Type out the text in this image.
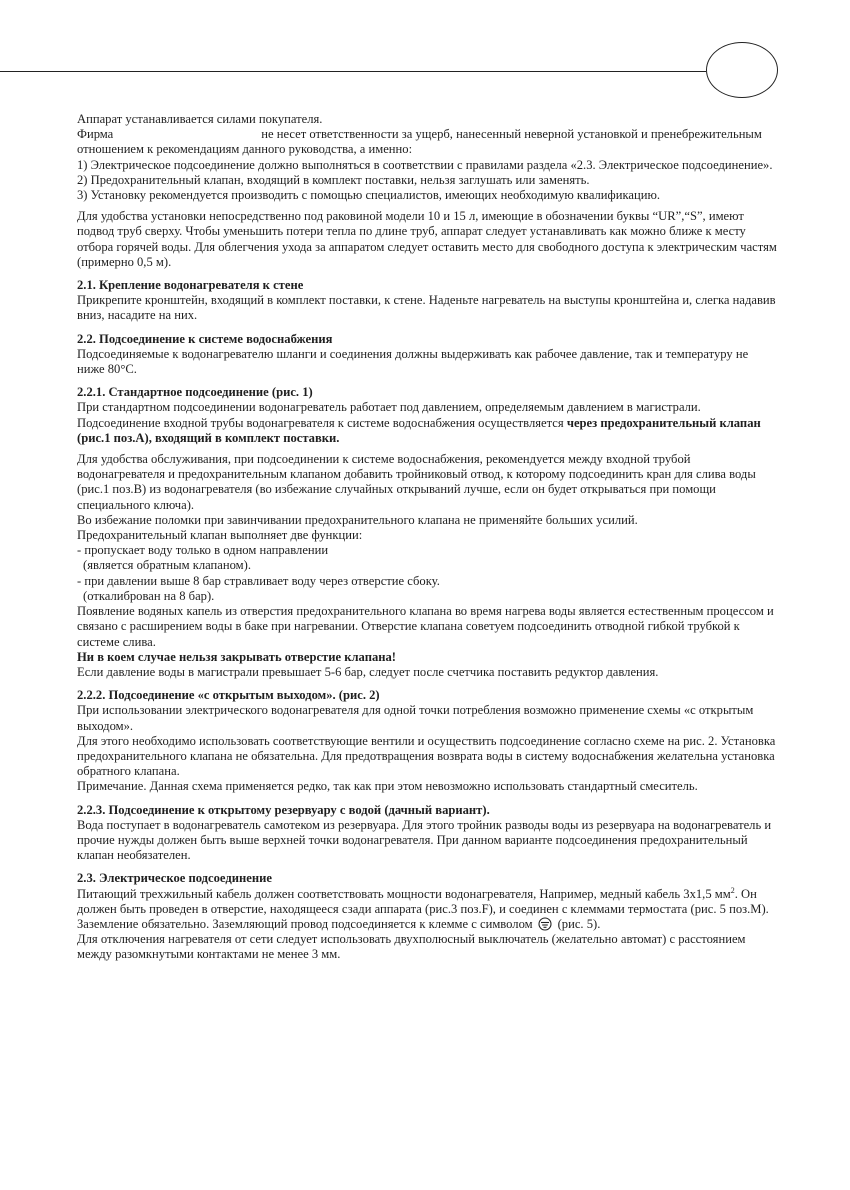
Аппарат устанавливается силами покупателя.

Фирма	не несет ответственности за ущерб, нанесенный неверной установкой и пренебрежительным отношением к рекомендациям данного руководства, а именно:

1) Электрическое подсоединение должно выполняться в соответствии с правилами раздела «2.3. Электрическое подсоединение».

2) Предохранительный клапан, входящий в комплект поставки, нельзя заглушать или заменять.

3) Установку рекомендуется производить с помощью специалистов, имеющих необходимую квалификацию.

Для удобства установки непосредственно под раковиной модели 10 и 15 л, имеющие в обозначении буквы “UR”,“S”, имеют подвод труб сверху. Чтобы уменьшить потери тепла по длине труб, аппарат следует устанавливать как можно ближе к месту отбора горячей воды. Для облегчения ухода за аппаратом следует оставить место для свободного доступа к электрическим частям (примерно 0,5 м).

2.1. Крепление водонагревателя к стене

Прикрепите кронштейн, входящий в комплект поставки, к стене. Наденьте нагреватель на выступы кронштейна и, слегка надавив вниз, насадите на них.

2.2. Подсоединение к системе водоснабжения

Подсоединяемые к водонагревателю шланги и соединения должны выдерживать как рабочее давление, так и температуру не ниже 80°С.

2.2.1. Стандартное подсоединение (рис. 1)

При стандартном подсоединении водонагреватель работает под давлением, определяемым давлением в магистрали.

Подсоединение входной трубы водонагревателя к системе водоснабжения осуществляется через предохранительный клапан (рис.1 поз.А), входящий в комплект поставки.

Для удобства обслуживания, при подсоединении к системе водоснабжения, рекомендуется между входной трубой водонагревателя и предохранительным клапаном добавить тройниковый отвод, к которому подсоединить кран для слива воды (рис.1 поз.В) из водонагревателя (во избежание случайных открываний лучше, если он будет открываться при помощи специального ключа).

Во избежание поломки при завинчивании предохранительного клапана не применяйте больших усилий.

Предохранительный клапан выполняет две функции:

- пропускает воду только в одном направлении

(является обратным клапаном).

- при давлении выше 8 бар стравливает воду через отверстие сбоку.

(откалиброван на 8 бар).

Появление водяных капель из отверстия предохранительного клапана во время нагрева воды является естественным процессом и связано с расширением воды в баке при нагревании. Отверстие клапана советуем подсоединить отводной гибкой трубкой к системе слива.

Ни в коем случае нельзя закрывать отверстие клапана!

Если давление воды в магистрали превышает 5-6 бар, следует после счетчика поставить редуктор давления.

2.2.2. Подсоединение «с открытым выходом». (рис. 2)

При использовании электрического водонагревателя для одной точки потребления возможно применение схемы «с открытым выходом».

Для этого необходимо использовать соответствующие вентили и осуществить подсоединение согласно схеме на рис. 2. Установка предохранительного клапана не обязательна. Для предотвращения возврата воды в систему водоснабжения желательна установка обратного клапана.

Примечание. Данная схема применяется редко, так как при этом невозможно использовать стандартный смеситель.

2.2.3. Подсоединение к открытому резервуару с водой (дачный вариант).

Вода поступает в водонагреватель самотеком из резервуара. Для этого тройник разводы воды из резервуара на водонагреватель и прочие нужды должен быть выше верхней точки водонагревателя. При данном варианте подсоединения предохранительный клапан необязателен.

2.3. Электрическое подсоединение

Питающий трехжильный кабель должен соответствовать мощности водонагревателя, Например, медный кабель 3х1,5 $мм^2$. Он должен быть проведен в отверстие, находящееся сзади аппарата (рис.3 поз.F), и соединен с клеммами термостата (рис. 5 поз.М). Заземление обязательно. Заземляющий провод подсоединяется к клемме с символом (рис. 5).

Для отключения нагревателя от сети следует использовать двухполюсный выключатель (желательно автомат) с расстоянием между разомкнутыми контактами не менее 3 мм.
